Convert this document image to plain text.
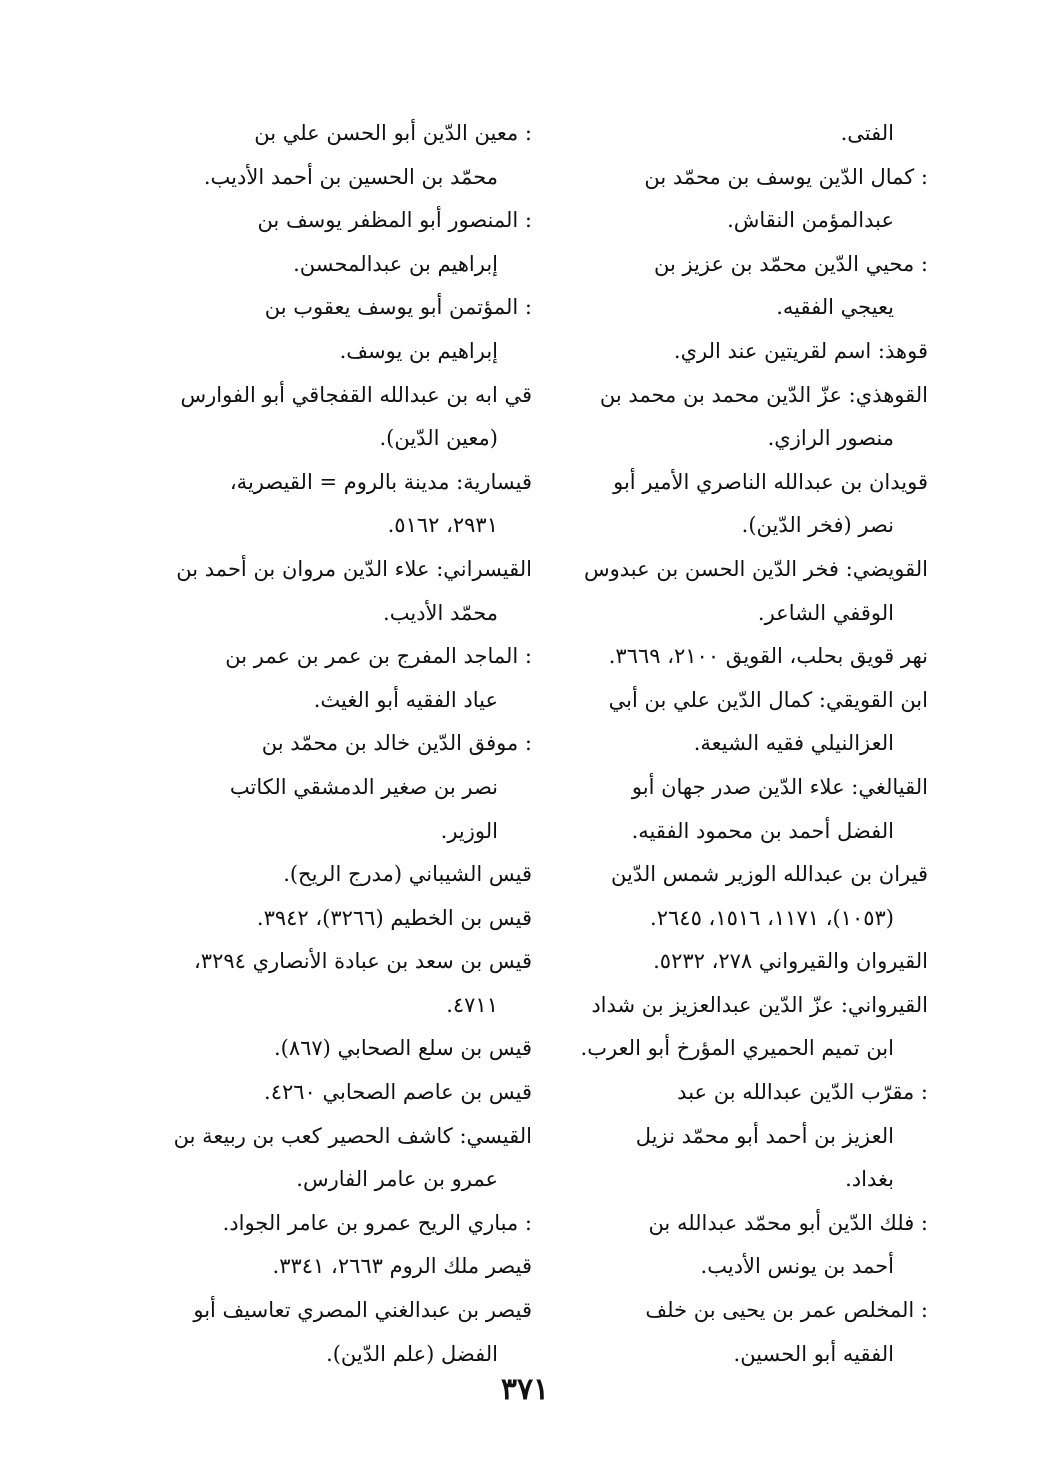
الفتى.
: كمال الدّين يوسف بن محمّد بن
عبدالمؤمن النقاش.
: محيي الدّين محمّد بن عزيز بن
يعيجي الفقيه.
قوهذ: اسم لقريتين عند الري.
القوهذي: عزّ الدّين محمد بن محمد بن
منصور الرازي.
قويدان بن عبدالله الناصري الأمير أبو
نصر (فخر الدّين).
القويضي: فخر الدّين الحسن بن عبدوس
الوقفي الشاعر.
نهر قويق بحلب، القويق ٢١٠٠، ٣٦٦٩.
ابن القويقي: كمال الدّين علي بن أبي
العزالنيلي فقيه الشيعة.
القيالغي: علاء الدّين صدر جهان أبو
الفضل أحمد بن محمود الفقيه.
قيران بن عبدالله الوزير شمس الدّين
(١٠٥٣)، ١١٧١، ١٥١٦، ٢٦٤٥.
القيروان والقيرواني ٢٧٨، ٥٢٣٢.
القيرواني: عزّ الدّين عبدالعزيز بن شداد
ابن تميم الحميري المؤرخ أبو العرب.
: مقرّب الدّين عبدالله بن عبد
العزيز بن أحمد أبو محمّد نزيل
بغداد.
: فلك الدّين أبو محمّد عبدالله بن
أحمد بن يونس الأديب.
: المخلص عمر بن يحيى بن خلف
الفقيه أبو الحسين.
: معين الدّين أبو الحسن علي بن
محمّد بن الحسين بن أحمد الأديب.
: المنصور أبو المظفر يوسف بن
إبراهيم بن عبدالمحسن.
: المؤتمن أبو يوسف يعقوب بن
إبراهيم بن يوسف.
قي ابه بن عبدالله القفجاقي أبو الفوارس
(معين الدّين).
قيسارية: مدينة بالروم = القيصرية،
٢٩٣١، ٥١٦٢.
القيسراني: علاء الدّين مروان بن أحمد بن
محمّد الأديب.
: الماجد المفرج بن عمر بن عمر بن
عياد الفقيه أبو الغيث.
: موفق الدّين خالد بن محمّد بن
نصر بن صغير الدمشقي الكاتب
الوزير.
قيس الشيباني (مدرج الريح).
قيس بن الخطيم (٣٢٦٦)، ٣٩٤٢.
قيس بن سعد بن عبادة الأنصاري ٣٢٩٤،
٤٧١١.
قيس بن سلع الصحابي (٨٦٧).
قيس بن عاصم الصحابي ٤٢٦٠.
القيسي: كاشف الحصير كعب بن ربيعة بن
عمرو بن عامر الفارس.
: مباري الريح عمرو بن عامر الجواد.
قيصر ملك الروم ٢٦٦٣، ٣٣٤١.
قيصر بن عبدالغني المصري تعاسيف أبو
الفضل (علم الدّين).
٣٧١
